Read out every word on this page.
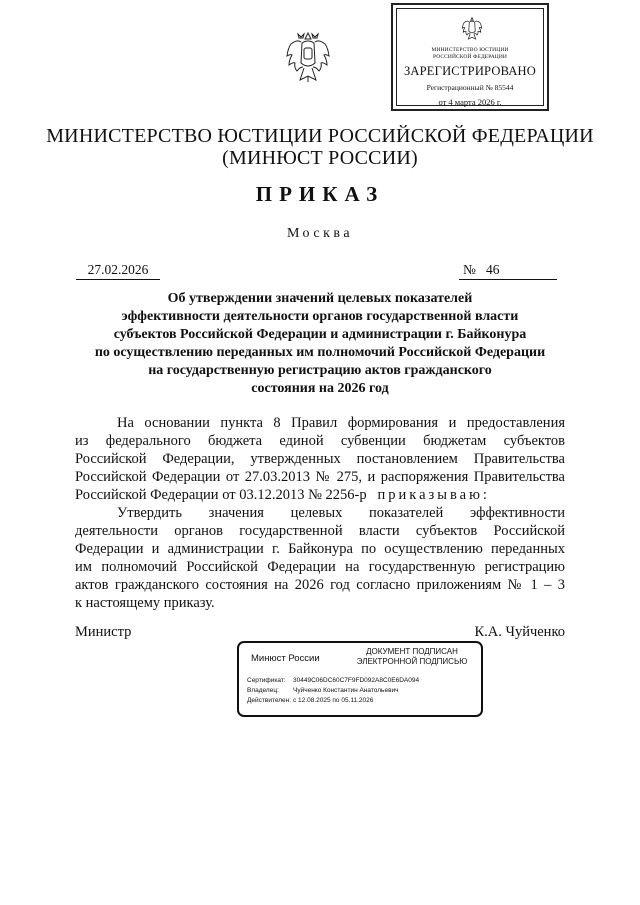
МИНИСТЕРСТВО ЮСТИЦИИ
РОССИЙСКОЙ ФЕДЕРАЦИИ
ЗАРЕГИСТРИРОВАНО
Регистрационный № 85544
от 4 марта 2026 г.
МИНИСТЕРСТВО ЮСТИЦИИ РОССИЙСКОЙ ФЕДЕРАЦИИ
(МИНЮСТ РОССИИ)
ПРИКАЗ
Москва
27.02.2026	№ 46
Об утверждении значений целевых показателей
эффективности деятельности органов государственной власти
субъектов Российской Федерации и администрации г. Байконура
по осуществлению переданных им полномочий Российской Федерации
на государственную регистрацию актов гражданского
состояния на 2026 год
На основании пункта 8 Правил формирования и предоставления
из федерального бюджета единой субвенции бюджетам субъектов
Российской Федерации, утвержденных постановлением Правительства
Российской Федерации от 27.03.2013 № 275, и распоряжения Правительства
Российской Федерации от 03.12.2013 № 2256-р приказываю:
Утвердить значения целевых показателей эффективности
деятельности органов государственной власти субъектов Российской
Федерации и администрации г. Байконура по осуществлению переданных
им полномочий Российской Федерации на государственную регистрацию
актов гражданского состояния на 2026 год согласно приложениям № 1 – 3
к настоящему приказу.
Министр	К.А. Чуйченко
Минюст России
ДОКУМЕНТ ПОДПИСАН
ЭЛЕКТРОННОЙ ПОДПИСЬЮ
Сертификат: 30449C06DC60C7F9FD092A8C0E6DA094
Владелец: Чуйченко Константин Анатольевич
Действителен: с 12.08.2025 по 05.11.2026
